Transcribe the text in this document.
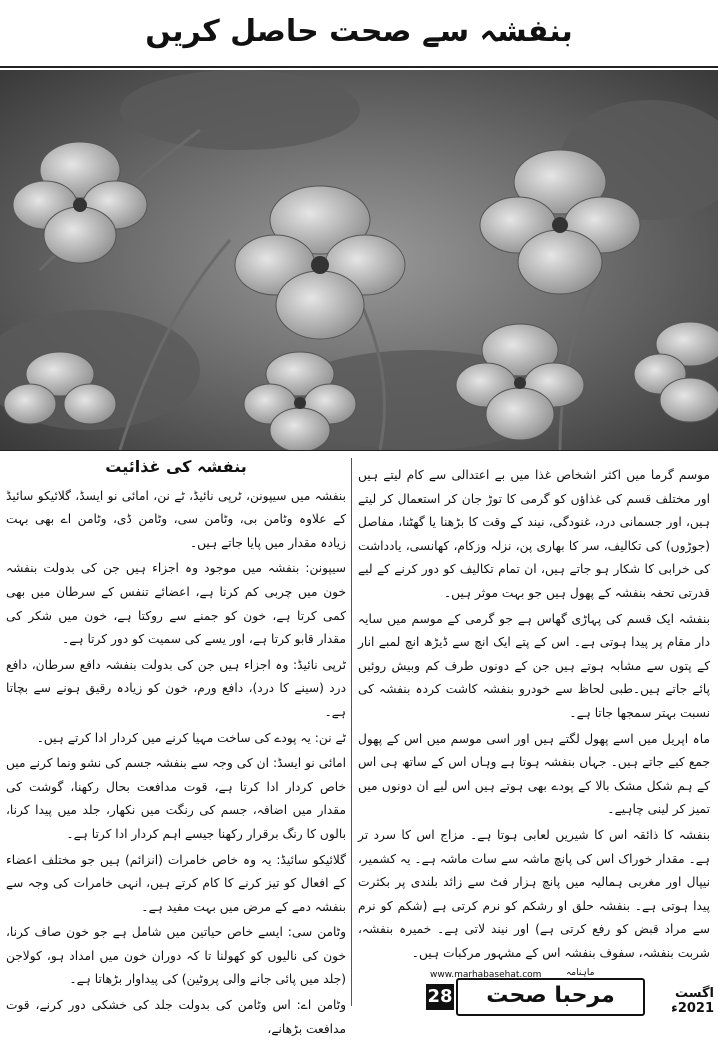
بنفشہ سے صحت حاصل کریں

موسم گرما میں اکثر اشخاص غذا میں بے اعتدالی سے کام لیتے ہیں اور مختلف قسم کی غذاؤں کو گرمی کا توڑ جان کر استعمال کر لیتے ہیں، اور جسمانی درد، غنودگی، نیند کے وقت کا بڑھنا یا گھٹنا، مفاصل (جوڑوں) کی تکالیف، سر کا بھاری پن، نزلہ وزکام، کھانسی، یادداشت کی خرابی کا شکار ہو جاتے ہیں، ان تمام تکالیف کو دور کرنے کے لیے قدرتی تحفہ بنفشہ کے پھول ہیں جو بہت موثر ہیں۔

بنفشہ ایک قسم کی پہاڑی گھاس ہے جو گرمی کے موسم میں سایہ دار مقام پر پیدا ہوتی ہے۔ اس کے پتے ایک انچ سے ڈیڑھ انچ لمبے انار کے پتوں سے مشابہ ہوتے ہیں جن کے دونوں طرف کم وبیش روئیں پائے جاتے ہیں۔طبی لحاظ سے خودرو بنفشہ کاشت کردہ بنفشہ کی نسبت بہتر سمجھا جاتا ہے۔

ماہ اپریل میں اسے پھول لگتے ہیں اور اسی موسم میں اس کے پھول جمع کیے جاتے ہیں۔ جہاں بنفشہ ہوتا ہے وہاں اس کے ساتھ ہی اس کے ہم شکل مشک بالا کے پودے بھی ہوتے ہیں اس لیے ان دونوں میں تمیز کر لینی چاہیے۔

بنفشہ کا ذائقہ اس کا شیریں لعابی ہوتا ہے۔ مزاج اس کا سرد تر ہے۔ مقدار خوراک اس کی پانچ ماشہ سے سات ماشہ ہے۔ یہ کشمیر، نیپال اور مغربی ہمالیہ میں پانچ ہزار فٹ سے زائد بلندی پر بکثرت پیدا ہوتی ہے۔ بنفشہ حلق او رشکم کو نرم کرتی ہے (شکم کو نرم سے مراد قبض کو رفع کرتی ہے) اور نیند لاتی ہے۔ خمیرہ بنفشہ، شربت بنفشہ، سفوف بنفشہ اس کے مشہور مرکبات ہیں۔

بنفشہ کی غذائیت

بنفشہ میں سیپونن، ٹرپی نائیڈ، ٹے نن، امائی نو ایسڈ، گلائیکو سائیڈ کے علاوہ وٹامن بی، وٹامن سی، وٹامن ڈی، وٹامن اے بھی بہت زیادہ مقدار میں پایا جاتے ہیں۔

سیپونن: بنفشہ میں موجود وہ اجزاء ہیں جن کی بدولت بنفشہ خون میں چربی کم کرتا ہے، اعضائے تنفس کے سرطان میں بھی کمی کرتا ہے، خون کو جمنے سے روکتا ہے، خون میں شکر کی مقدار قابو کرتا ہے، اور یسے کی سمیت کو دور کرتا ہے۔

ٹرپی نائیڈ: وہ اجزاء ہیں جن کی بدولت بنفشہ دافع سرطان، دافع درد (سینے کا درد)، دافع ورم، خون کو زیادہ رقیق ہونے سے بچاتا ہے۔

ٹے نن: یہ پودے کی ساخت مہیا کرنے میں کردار ادا کرتے ہیں۔

امائی نو ایسڈ: ان کی وجہ سے بنفشہ جسم کی نشو ونما کرنے میں خاص کردار ادا کرتا ہے، قوت مدافعت بحال رکھنا، گوشت کی مقدار میں اضافہ، جسم کی رنگت میں نکھار، جلد میں پیدا کرنا، بالوں کا رنگ برقرار رکھنا جیسے اہم کردار ادا کرتا ہے۔

گلائیکو سائیڈ: یہ وہ خاص خامرات (انزائم) ہیں جو مختلف اعضاء کے افعال کو تیز کرنے کا کام کرتے ہیں، انہی خامرات کی وجہ سے بنفشہ دمے کے مرض میں بہت مفید ہے۔

وٹامن سی: ایسے خاص حیاتین میں شامل ہے جو خون صاف کرنا، خون کی نالیوں کو کھولنا تا کہ دوران خون میں امداد ہو، کولاجن (جلد میں پائی جانے والی پروٹین) کی پیداوار بڑھاتا ہے۔

وٹامن اے: اس وٹامن کی بدولت جلد کی خشکی دور کرنے، قوت مدافعت بڑھانے،

www.marhabasehat.com	ماہنامہ
28	مرحبا صحت	اگست 2021ء
